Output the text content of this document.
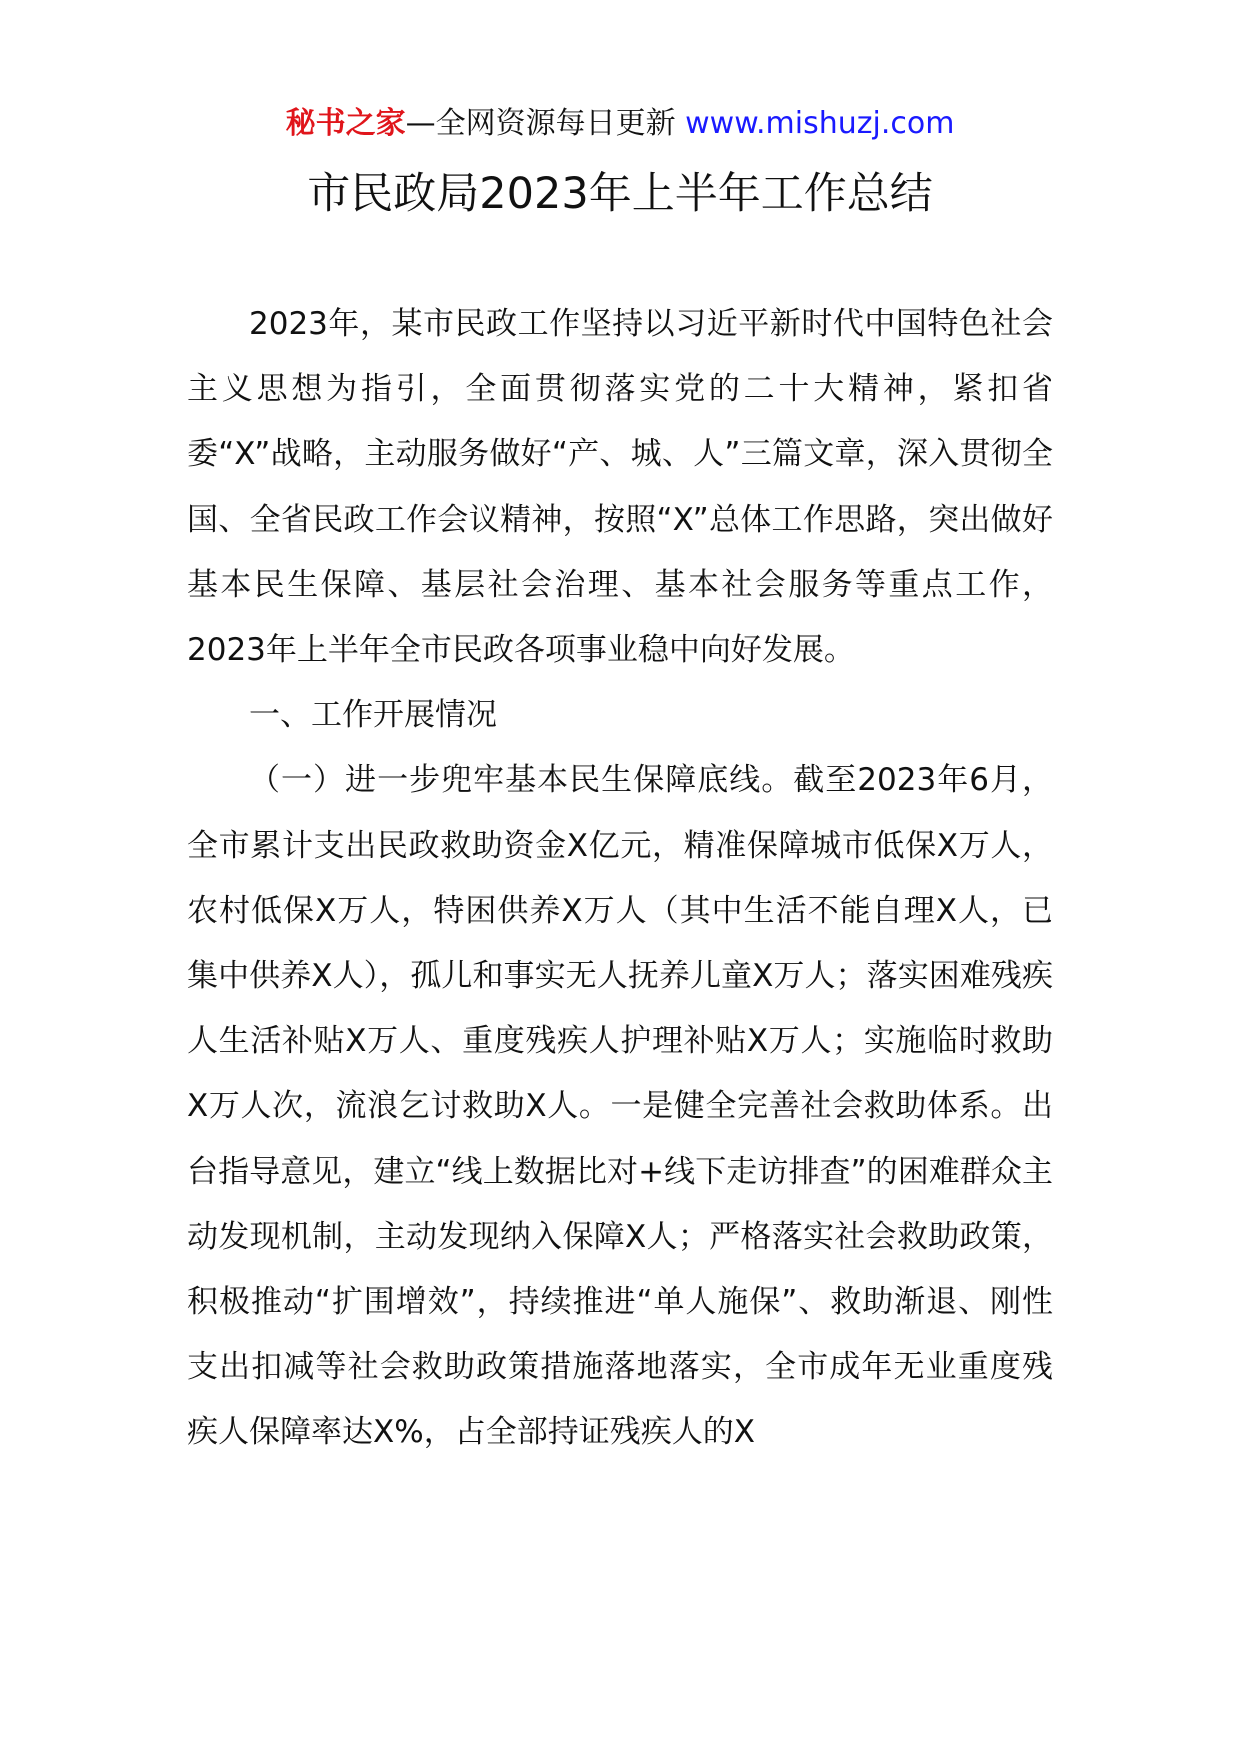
秘书之家—全网资源每日更新 www.mishuzj.com
市民政局2023年上半年工作总结

2023年，某市民政工作坚持以习近平新时代中国特色社会主义思想为指引，全面贯彻落实党的二十大精神，紧扣省委“X”战略，主动服务做好“产、城、人”三篇文章，深入贯彻全国、全省民政工作会议精神，按照“X”总体工作思路，突出做好基本民生保障、基层社会治理、基本社会服务等重点工作，2023年上半年全市民政各项事业稳中向好发展。

一、工作开展情况

（一）进一步兜牢基本民生保障底线。截至2023年6月，全市累计支出民政救助资金X亿元，精准保障城市低保X万人，农村低保X万人，特困供养X万人（其中生活不能自理X人，已集中供养X人），孤儿和事实无人抚养儿童X万人；落实困难残疾人生活补贴X万人、重度残疾人护理补贴X万人；实施临时救助X万人次，流浪乞讨救助X人。一是健全完善社会救助体系。出台指导意见，建立“线上数据比对+线下走访排查”的困难群众主动发现机制，主动发现纳入保障X人；严格落实社会救助政策，积极推动“扩围增效”，持续推进“单人施保”、救助渐退、刚性支出扣减等社会救助政策措施落地落实，全市成年无业重度残疾人保障率达X%，占全部持证残疾人的X
